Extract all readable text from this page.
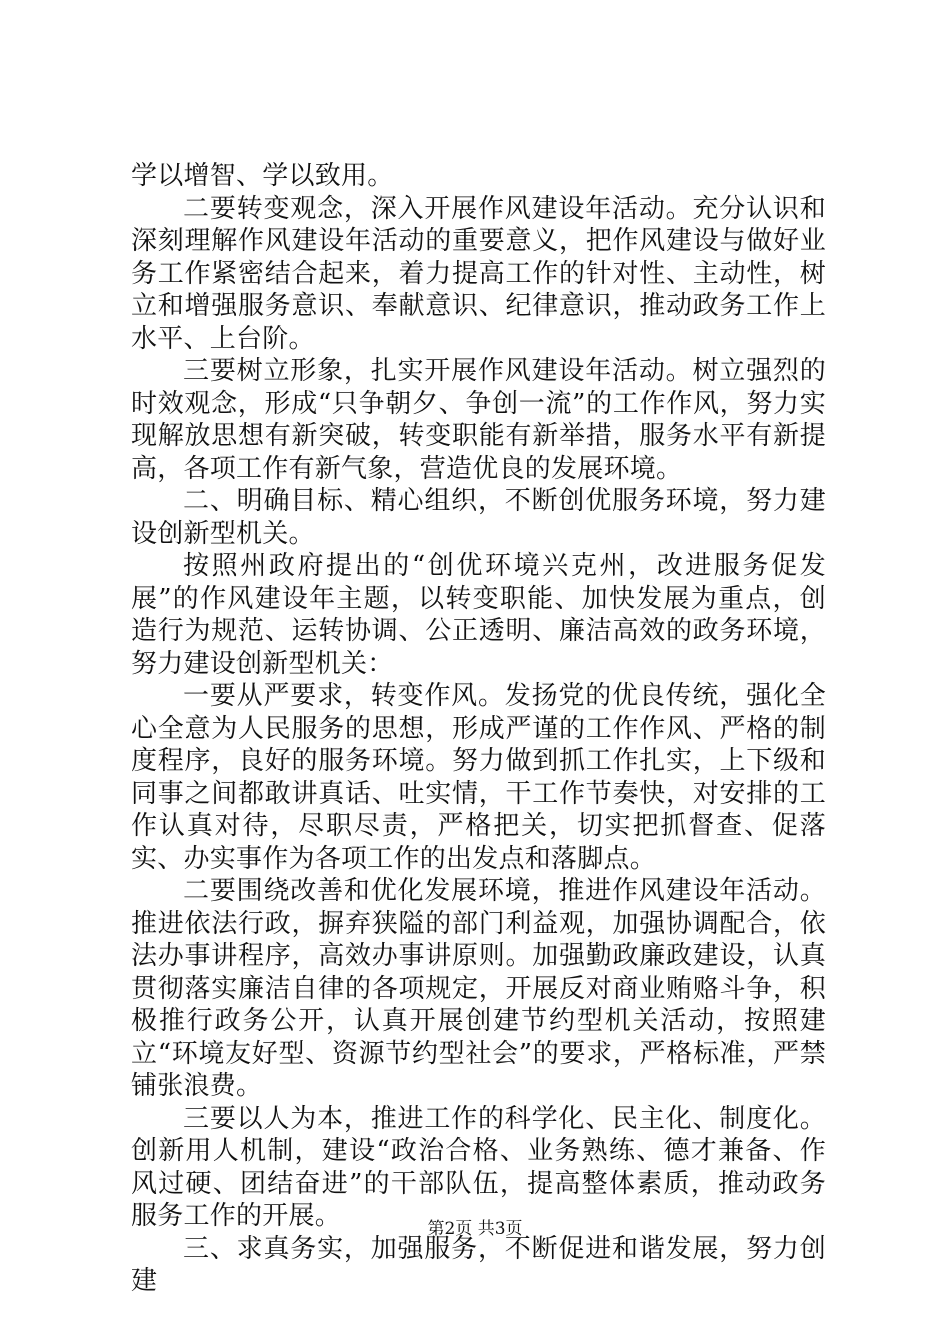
学以增智、学以致用。

二要转变观念，深入开展作风建设年活动。充分认识和深刻理解作风建设年活动的重要意义，把作风建设与做好业务工作紧密结合起来，着力提高工作的针对性、主动性，树立和增强服务意识、奉献意识、纪律意识，推动政务工作上水平、上台阶。

三要树立形象，扎实开展作风建设年活动。树立强烈的时效观念，形成“只争朝夕、争创一流”的工作作风，努力实现解放思想有新突破，转变职能有新举措，服务水平有新提高，各项工作有新气象，营造优良的发展环境。

二、明确目标、精心组织，不断创优服务环境，努力建设创新型机关。

按照州政府提出的“创优环境兴克州，改进服务促发展”的作风建设年主题，以转变职能、加快发展为重点，创造行为规范、运转协调、公正透明、廉洁高效的政务环境，努力建设创新型机关：

一要从严要求，转变作风。发扬党的优良传统，强化全心全意为人民服务的思想，形成严谨的工作作风、严格的制度程序，良好的服务环境。努力做到抓工作扎实，上下级和同事之间都敢讲真话、吐实情，干工作节奏快，对安排的工作认真对待，尽职尽责，严格把关，切实把抓督查、促落实、办实事作为各项工作的出发点和落脚点。

二要围绕改善和优化发展环境，推进作风建设年活动。推进依法行政，摒弃狭隘的部门利益观，加强协调配合，依法办事讲程序，高效办事讲原则。加强勤政廉政建设，认真贯彻落实廉洁自律的各项规定，开展反对商业贿赂斗争，积极推行政务公开，认真开展创建节约型机关活动，按照建立“环境友好型、资源节约型社会”的要求，严格标准，严禁铺张浪费。

三要以人为本，推进工作的科学化、民主化、制度化。创新用人机制，建设“政治合格、业务熟练、德才兼备、作风过硬、团结奋进”的干部队伍，提高整体素质，推动政务服务工作的开展。

三、求真务实，加强服务，不断促进和谐发展，努力创建

第2页 共3页
